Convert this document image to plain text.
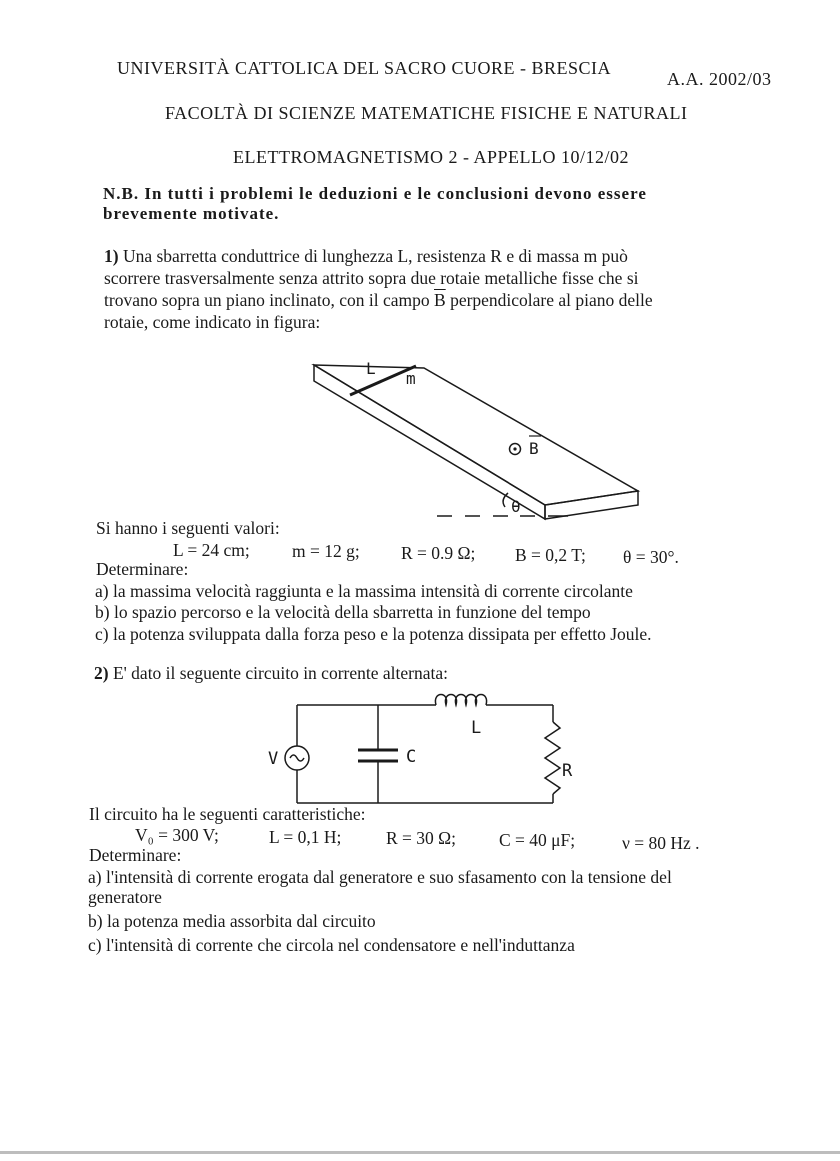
UNIVERSITÀ CATTOLICA DEL SACRO CUORE - BRESCIA
A.A. 2002/03
FACOLTÀ DI SCIENZE MATEMATICHE FISICHE E NATURALI
ELETTROMAGNETISMO 2 - APPELLO 10/12/02
N.B. In tutti i problemi le deduzioni e le conclusioni devono essere
brevemente motivate.
1) Una sbarretta conduttrice di lunghezza L, resistenza R e di massa m può
scorrere trasversalmente senza attrito sopra due rotaie metalliche fisse che si
trovano sopra un piano inclinato, con il campo $\overline{B}$ perpendicolare al piano delle
rotaie, come indicato in figura:
L
m
B
θ
Si hanno i seguenti valori:
L = 24 cm; m = 12 g; R = 0.9 Ω; B = 0,2 T; θ = 30°.
Determinare:
a) la massima velocità raggiunta e la massima intensità di corrente circolante
b) lo spazio percorso e la velocità della sbarretta in funzione del tempo
c) la potenza sviluppata dalla forza peso e la potenza dissipata per effetto Joule.
2) E' dato il seguente circuito in corrente alternata:
V	C
L
R
Il circuito ha le seguenti caratteristiche:
V₀ = 300 V;	L = 0,1 H;	R = 30 Ω; C = 40 μF;	ν = 80 Hz .
Determinare:
a) l'intensità di corrente erogata dal generatore e suo sfasamento con la tensione del
generatore
b) la potenza media assorbita dal circuito
c) l'intensità di corrente che circola nel condensatore e nell'induttanza
